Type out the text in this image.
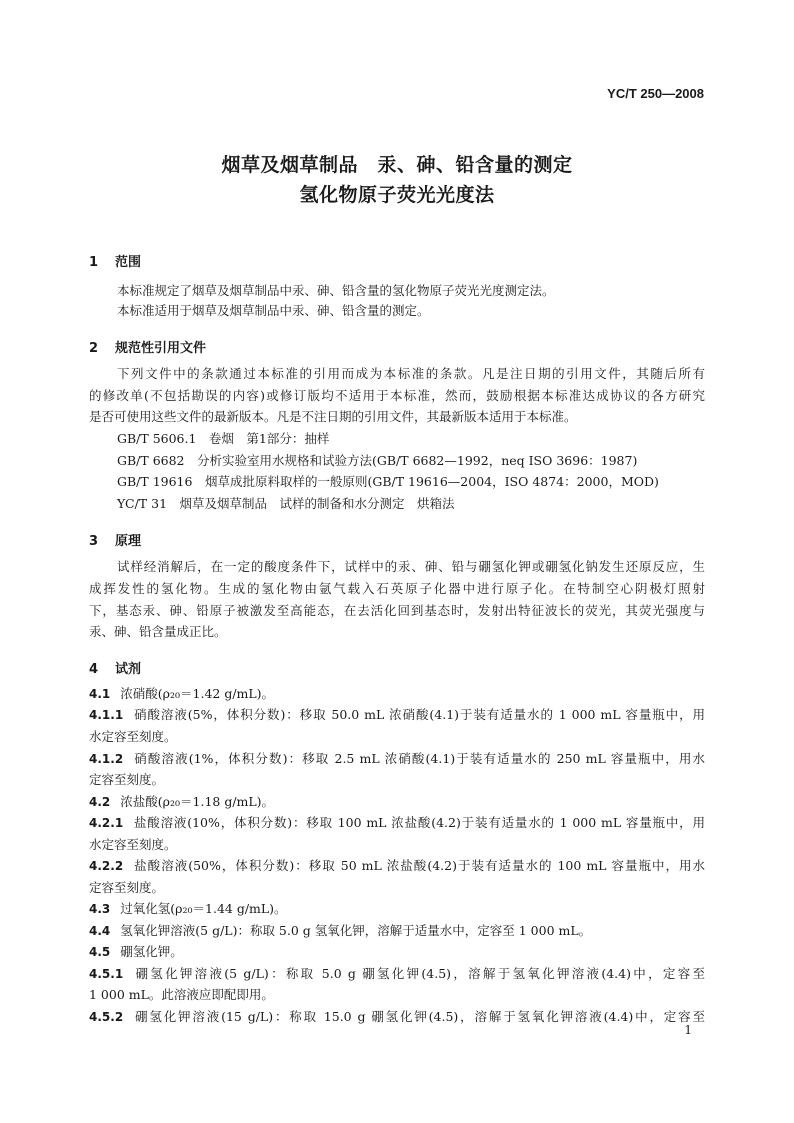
YC/T 250—2008
烟草及烟草制品　汞、砷、铅含量的测定
氢化物原子荧光光度法
1 范围
本标准规定了烟草及烟草制品中汞、砷、铅含量的氢化物原子荧光光度测定法。
本标准适用于烟草及烟草制品中汞、砷、铅含量的测定。
2 规范性引用文件
下列文件中的条款通过本标准的引用而成为本标准的条款。凡是注日期的引用文件，其随后所有
的修改单(不包括勘误的内容)或修订版均不适用于本标准，然而，鼓励根据本标准达成协议的各方研究
是否可使用这些文件的最新版本。凡是不注日期的引用文件，其最新版本适用于本标准。
GB/T 5606.1　卷烟　第1部分：抽样
GB/T 6682　分析实验室用水规格和试验方法(GB/T 6682—1992，neq ISO 3696：1987)
GB/T 19616　烟草成批原料取样的一般原则(GB/T 19616—2004，ISO 4874：2000，MOD)
YC/T 31　烟草及烟草制品　试样的制备和水分测定　烘箱法
3 原理
试样经消解后，在一定的酸度条件下，试样中的汞、砷、铅与硼氢化钾或硼氢化钠发生还原反应，生
成挥发性的氢化物。生成的氢化物由氩气载入石英原子化器中进行原子化。在特制空心阴极灯照射
下，基态汞、砷、铅原子被激发至高能态，在去活化回到基态时，发射出特征波长的荧光，其荧光强度与
汞、砷、铅含量成正比。
4 试剂
4.1 浓硝酸(ρ₂₀＝1.42 g/mL)。
4.1.1 硝酸溶液(5%，体积分数)：移取 50.0 mL 浓硝酸(4.1)于装有适量水的 1 000 mL 容量瓶中，用
水定容至刻度。
4.1.2 硝酸溶液(1%，体积分数)：移取 2.5 mL 浓硝酸(4.1)于装有适量水的 250 mL 容量瓶中，用水
定容至刻度。
4.2 浓盐酸(ρ₂₀＝1.18 g/mL)。
4.2.1 盐酸溶液(10%，体积分数)：移取 100 mL 浓盐酸(4.2)于装有适量水的 1 000 mL 容量瓶中，用
水定容至刻度。
4.2.2 盐酸溶液(50%，体积分数)：移取 50 mL 浓盐酸(4.2)于装有适量水的 100 mL 容量瓶中，用水
定容至刻度。
4.3 过氧化氢(ρ₂₀＝1.44 g/mL)。
4.4 氢氧化钾溶液(5 g/L)：称取 5.0 g 氢氧化钾，溶解于适量水中，定容至 1 000 mL。
4.5 硼氢化钾。
4.5.1 硼氢化钾溶液(5 g/L)：称取 5.0 g 硼氢化钾(4.5)，溶解于氢氧化钾溶液(4.4)中，定容至
1 000 mL。此溶液应即配即用。
4.5.2 硼氢化钾溶液(15 g/L)：称取 15.0 g 硼氢化钾(4.5)，溶解于氢氧化钾溶液(4.4)中，定容至
1
